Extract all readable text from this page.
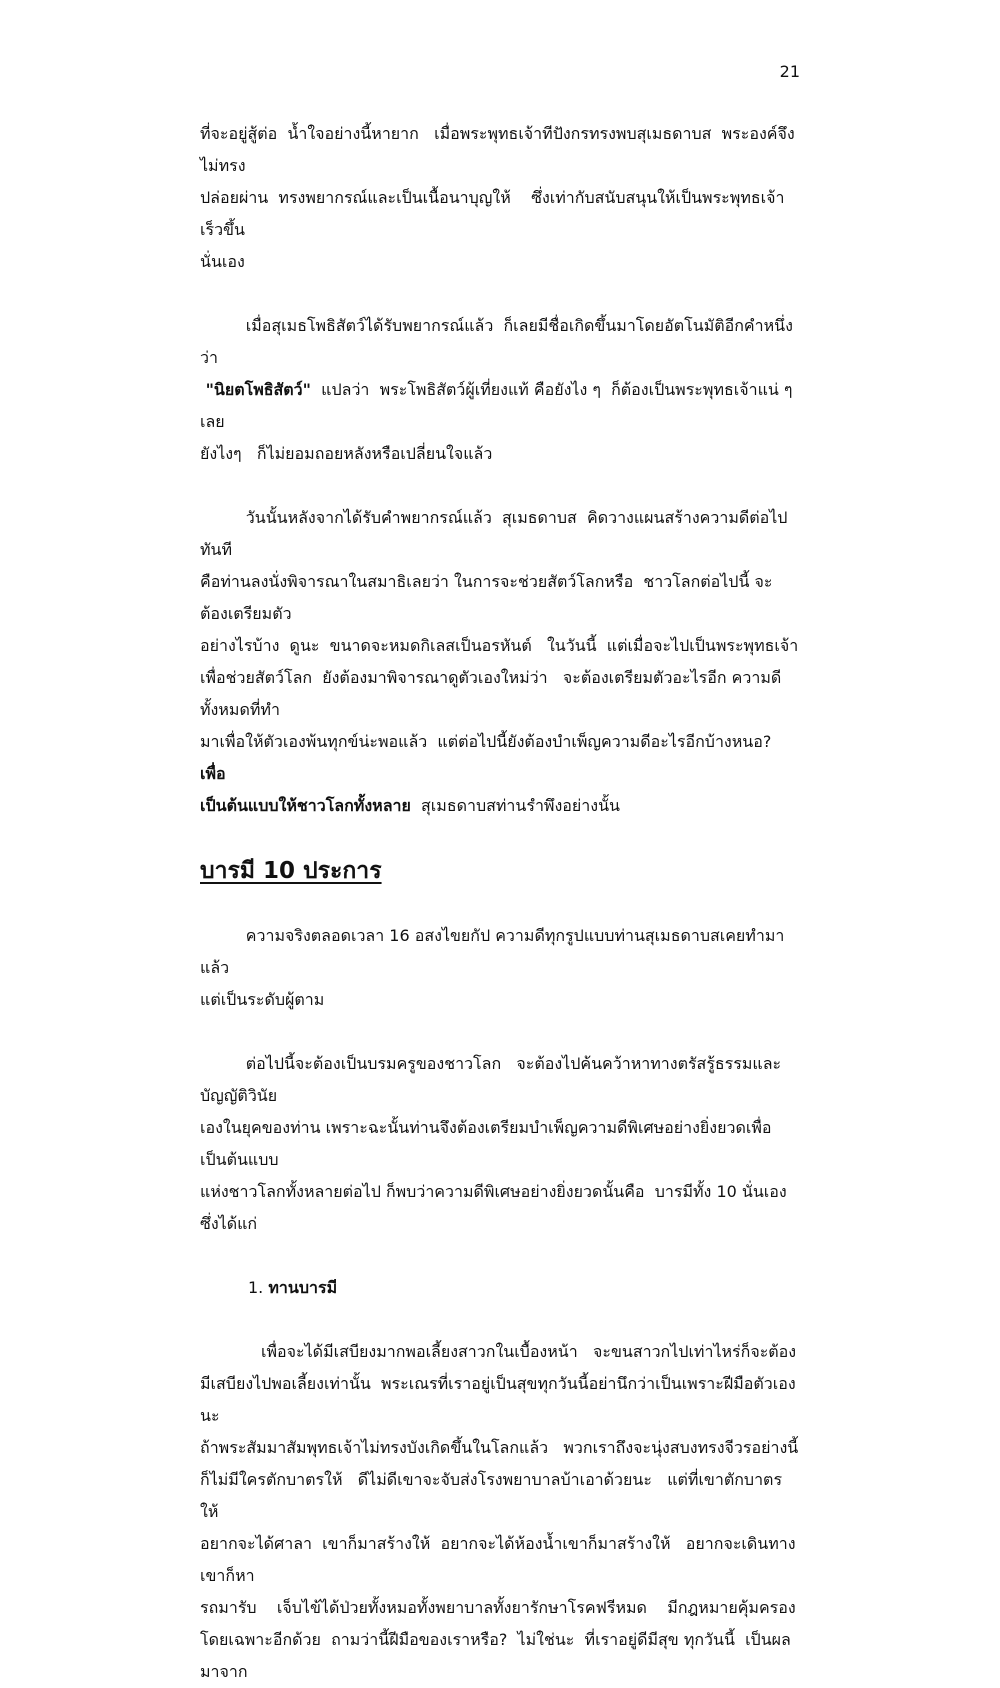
21

ที่จะอยู่สู้ต่อ  น้ำใจอย่างนี้หายาก   เมื่อพระพุทธเจ้าทีปังกรทรงพบสุเมธดาบส  พระองค์จึงไม่ทรง
ปล่อยผ่าน  ทรงพยากรณ์และเป็นเนื้อนาบุญให้    ซึ่งเท่ากับสนับสนุนให้เป็นพระพุทธเจ้าเร็วขึ้น
นั่นเอง

เมื่อสุเมธโพธิสัตว์ได้รับพยากรณ์แล้ว  ก็เลยมีชื่อเกิดขึ้นมาโดยอัตโนมัติอีกคำหนึ่งว่า
"นิยตโพธิสัตว์"  แปลว่า  พระโพธิสัตว์ผู้เที่ยงแท้ คือยังไง ๆ  ก็ต้องเป็นพระพุทธเจ้าแน่ ๆ เลย
ยังไงๆ   ก็ไม่ยอมถอยหลังหรือเปลี่ยนใจแล้ว

วันนั้นหลังจากได้รับคำพยากรณ์แล้ว  สุเมธดาบส  คิดวางแผนสร้างความดีต่อไปทันที
คือท่านลงนั่งพิจารณาในสมาธิเลยว่า ในการจะช่วยสัตว์โลกหรือ  ชาวโลกต่อไปนี้ จะต้องเตรียมตัว
อย่างไรบ้าง  ดูนะ  ขนาดจะหมดกิเลสเป็นอรหันต์   ในวันนี้  แต่เมื่อจะไปเป็นพระพุทธเจ้า
เพื่อช่วยสัตว์โลก  ยังต้องมาพิจารณาดูตัวเองใหม่ว่า   จะต้องเตรียมตัวอะไรอีก ความดีทั้งหมดที่ทำ
มาเพื่อให้ตัวเองพ้นทุกข์น่ะพอแล้ว  แต่ต่อไปนี้ยังต้องบำเพ็ญความดีอะไรอีกบ้างหนอ?  เพื่อ
เป็นต้นแบบให้ชาวโลกทั้งหลาย  สุเมธดาบสท่านรำพึงอย่างนั้น

บารมี 10 ประการ

ความจริงตลอดเวลา 16 อสงไขยกัป ความดีทุกรูปแบบท่านสุเมธดาบสเคยทำมาแล้ว
แต่เป็นระดับผู้ตาม

ต่อไปนี้จะต้องเป็นบรมครูของชาวโลก   จะต้องไปค้นคว้าหาทางตรัสรู้ธรรมและบัญญัติวินัย
เองในยุคของท่าน เพราะฉะนั้นท่านจึงต้องเตรียมบำเพ็ญความดีพิเศษอย่างยิ่งยวดเพื่อเป็นต้นแบบ
แห่งชาวโลกทั้งหลายต่อไป ก็พบว่าความดีพิเศษอย่างยิ่งยวดนั้นคือ  บารมีทั้ง 10 นั่นเอง  ซึ่งได้แก่

1. ทานบารมี

เพื่อจะได้มีเสบียงมากพอเลี้ยงสาวกในเบื้องหน้า   จะขนสาวกไปเท่าไหร่ก็จะต้อง
มีเสบียงไปพอเลี้ยงเท่านั้น  พระเณรที่เราอยู่เป็นสุขทุกวันนี้อย่านึกว่าเป็นเพราะฝีมือตัวเองนะ
ถ้าพระสัมมาสัมพุทธเจ้าไม่ทรงบังเกิดขึ้นในโลกแล้ว   พวกเราถึงจะนุ่งสบงทรงจีวรอย่างนี้
ก็ไม่มีใครตักบาตรให้   ดีไม่ดีเขาจะจับส่งโรงพยาบาลบ้าเอาด้วยนะ   แต่ที่เขาตักบาตรให้
อยากจะได้ศาลา  เขาก็มาสร้างให้  อยากจะได้ห้องน้ำเขาก็มาสร้างให้   อยากจะเดินทางเขาก็หา
รถมารับ    เจ็บไข้ได้ป่วยทั้งหมอทั้งพยาบาลทั้งยารักษาโรคฟรีหมด    มีกฎหมายคุ้มครอง
โดยเฉพาะอีกด้วย  ถามว่านี้ฝีมือของเราหรือ?  ไม่ใช่นะ  ที่เราอยู่ดีมีสุข ทุกวันนี้  เป็นผลมาจาก
